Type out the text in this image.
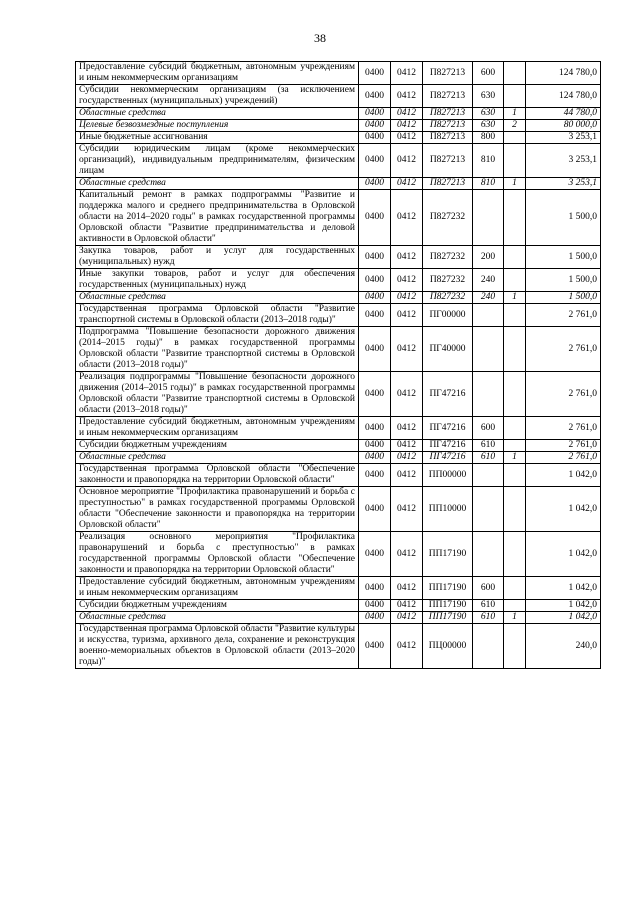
38
Предоставление субсидий бюджетным, автономным учреждениям и иным некоммерческим организациям	0400	0412	П827213	600		124 780,0
Субсидии некоммерческим организациям (за исключением государственных (муниципальных) учреждений)	0400	0412	П827213	630		124 780,0
Областные средства	0400	0412	П827213	630	1	44 780,0
Целевые безвозмездные поступления	0400	0412	П827213	630	2	80 000,0
Иные бюджетные ассигнования	0400	0412	П827213	800		3 253,1
Субсидии юридическим лицам (кроме некоммерческих организаций), индивидуальным предпринимателям, физическим лицам	0400	0412	П827213	810		3 253,1
Областные средства	0400	0412	П827213	810	1	3 253,1
Капитальный ремонт в рамках подпрограммы "Развитие и поддержка малого и среднего предпринимательства в Орловской области на 2014–2020 годы" в рамках государственной программы Орловской области "Развитие предпринимательства и деловой активности в Орловской области"	0400	0412	П827232			1 500,0
Закупка товаров, работ и услуг для государственных (муниципальных) нужд	0400	0412	П827232	200		1 500,0
Иные закупки товаров, работ и услуг для обеспечения государственных (муниципальных) нужд	0400	0412	П827232	240		1 500,0
Областные средства	0400	0412	П827232	240	1	1 500,0
Государственная программа Орловской области "Развитие транспортной системы в Орловской области (2013–2018 годы)"	0400	0412	ПГ00000			2 761,0
Подпрограмма "Повышение безопасности дорожного движения (2014–2015 годы)" в рамках государственной программы Орловской области "Развитие транспортной системы в Орловской области (2013–2018 годы)"	0400	0412	ПГ40000			2 761,0
Реализация подпрограммы "Повышение безопасности дорожного движения (2014–2015 годы)" в рамках государственной программы Орловской области "Развитие транспортной системы в Орловской области (2013–2018 годы)"	0400	0412	ПГ47216			2 761,0
Предоставление субсидий бюджетным, автономным учреждениям и иным некоммерческим организациям	0400	0412	ПГ47216	600		2 761,0
Субсидии бюджетным учреждениям	0400	0412	ПГ47216	610		2 761,0
Областные средства	0400	0412	ПГ47216	610	1	2 761,0
Государственная программа Орловской области "Обеспечение законности и правопорядка на территории Орловской области"	0400	0412	ПП00000			1 042,0
Основное мероприятие "Профилактика правонарушений и борьба с преступностью" в рамках государственной программы Орловской области "Обеспечение законности и правопорядка на территории Орловской области"	0400	0412	ПП10000			1 042,0
Реализация основного мероприятия "Профилактика правонарушений и борьба с преступностью" в рамках государственной программы Орловской области "Обеспечение законности и правопорядка на территории Орловской области"	0400	0412	ПП17190			1 042,0
Предоставление субсидий бюджетным, автономным учреждениям и иным некоммерческим организациям	0400	0412	ПП17190	600		1 042,0
Субсидии бюджетным учреждениям	0400	0412	ПП17190	610		1 042,0
Областные средства	0400	0412	ПП17190	610	1	1 042,0
Государственная программа Орловской области "Развитие культуры и искусства, туризма, архивного дела, сохранение и реконструкция военно-мемориальных объектов в Орловской области (2013–2020 годы)"	0400	0412	ПЦ00000			240,0
